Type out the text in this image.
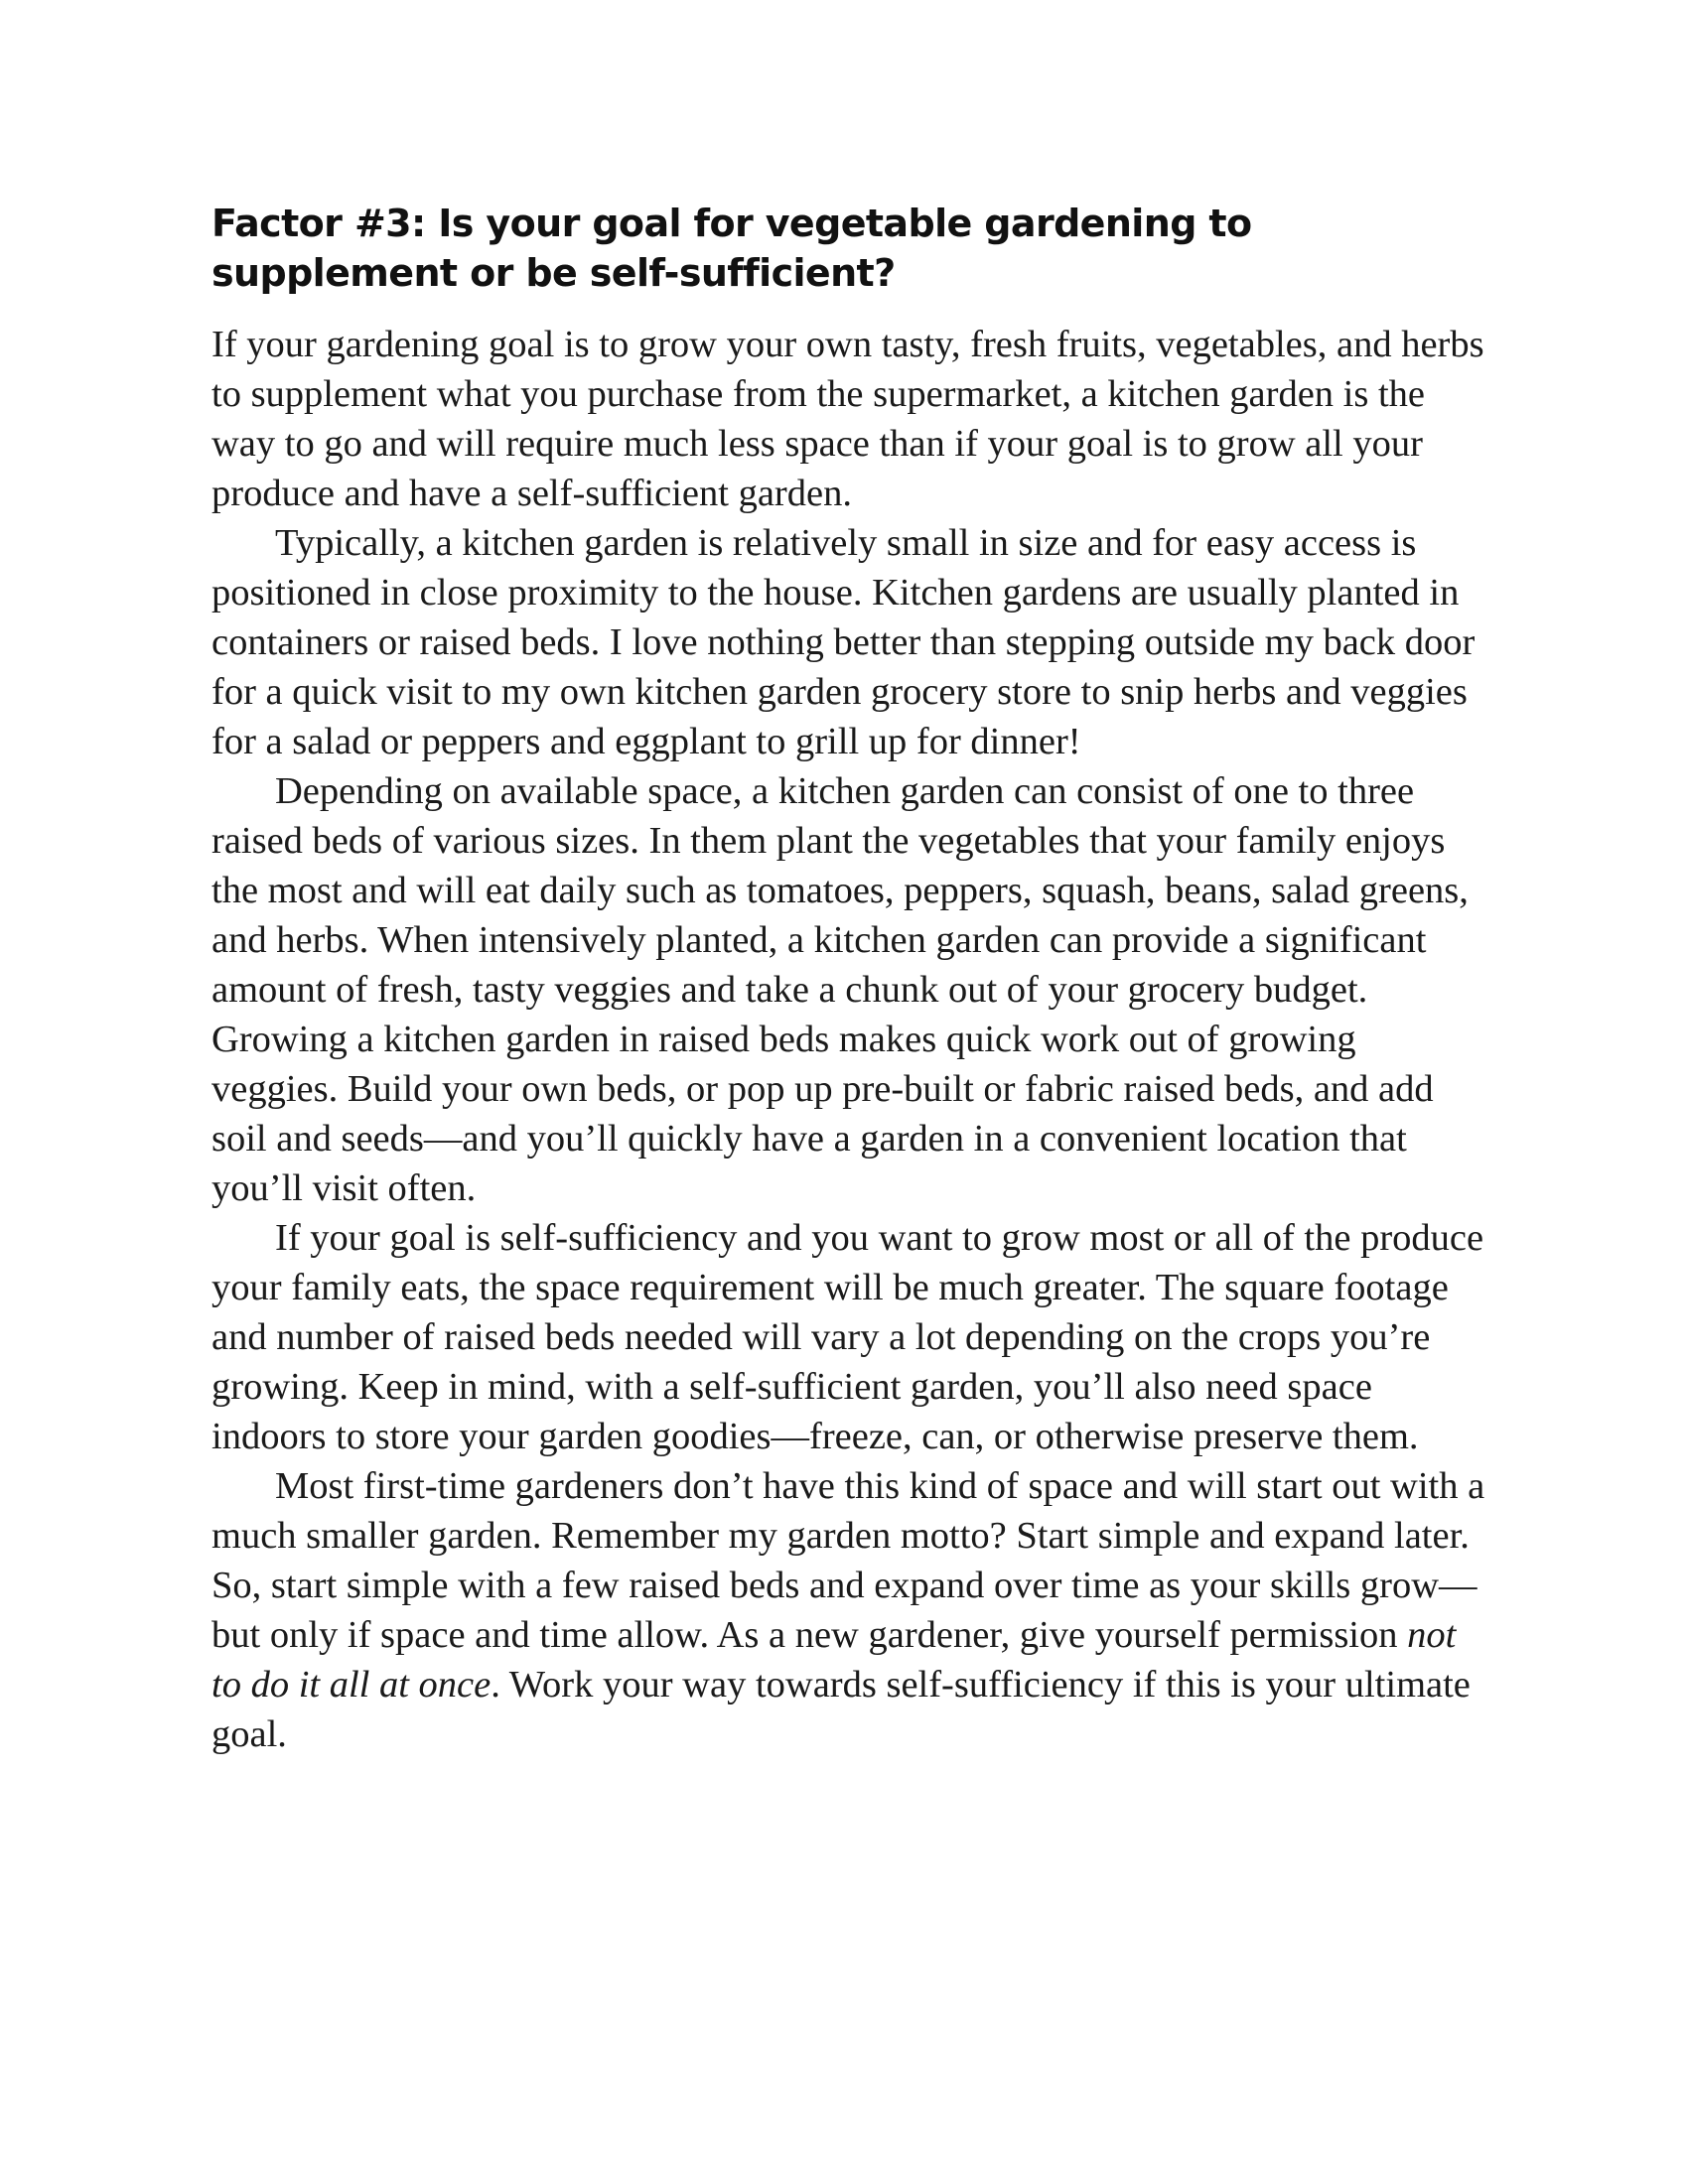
Factor #3: Is your goal for vegetable gardening to supplement or be self-sufficient?

If your gardening goal is to grow your own tasty, fresh fruits, vegetables, and herbs to supplement what you purchase from the supermarket, a kitchen garden is the way to go and will require much less space than if your goal is to grow all your produce and have a self-sufficient garden.

Typically, a kitchen garden is relatively small in size and for easy access is positioned in close proximity to the house. Kitchen gardens are usually planted in containers or raised beds. I love nothing better than stepping outside my back door for a quick visit to my own kitchen garden grocery store to snip herbs and veggies for a salad or peppers and eggplant to grill up for dinner!

Depending on available space, a kitchen garden can consist of one to three raised beds of various sizes. In them plant the vegetables that your family enjoys the most and will eat daily such as tomatoes, peppers, squash, beans, salad greens, and herbs. When intensively planted, a kitchen garden can provide a significant amount of fresh, tasty veggies and take a chunk out of your grocery budget. Growing a kitchen garden in raised beds makes quick work out of growing veggies. Build your own beds, or pop up pre-built or fabric raised beds, and add soil and seeds—and you’ll quickly have a garden in a convenient location that you’ll visit often.

If your goal is self-sufficiency and you want to grow most or all of the produce your family eats, the space requirement will be much greater. The square footage and number of raised beds needed will vary a lot depending on the crops you’re growing. Keep in mind, with a self-sufficient garden, you’ll also need space indoors to store your garden goodies—freeze, can, or otherwise preserve them.

Most first-time gardeners don’t have this kind of space and will start out with a much smaller garden. Remember my garden motto? Start simple and expand later. So, start simple with a few raised beds and expand over time as your skills grow—but only if space and time allow. As a new gardener, give yourself permission not to do it all at once. Work your way towards self-sufficiency if this is your ultimate goal.
